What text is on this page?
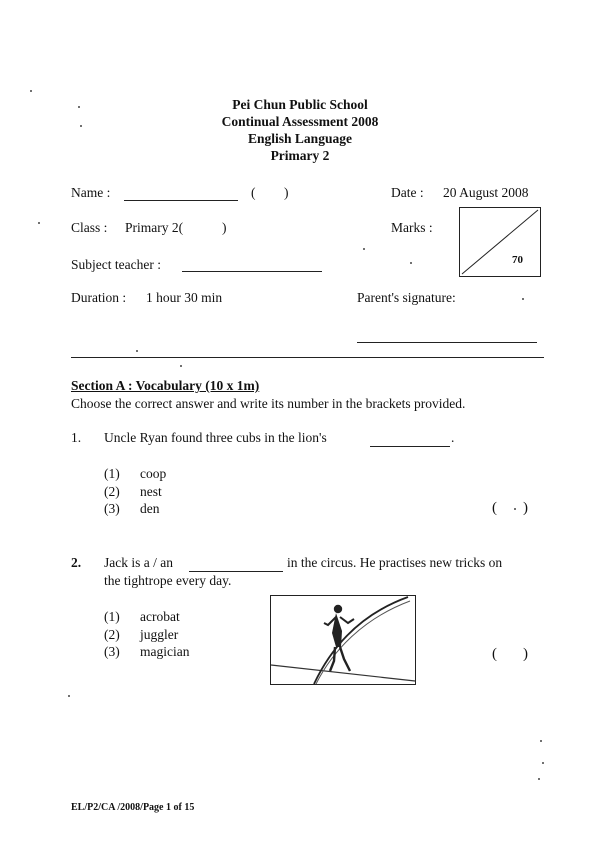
Pei Chun Public School
Continual Assessment 2008
English Language
Primary 2
Name :	( )	Date : 20 August 2008
Class : Primary 2(	)	Marks :
70
Subject teacher :
Duration : 1 hour 30 min	Parent's signature:
Section A : Vocabulary (10 x 1m)
Choose the correct answer and write its number in the brackets provided.
1. Uncle Ryan found three cubs in the lion's	.
(1) coop
(2) nest
(3) den	( )
2. Jack is a / an	in the circus. He practises new tricks on
the tightrope every day.
(1) acrobat
(2) juggler
(3) magician	( )
EL/P2/CA /2008/Page 1 of 15
